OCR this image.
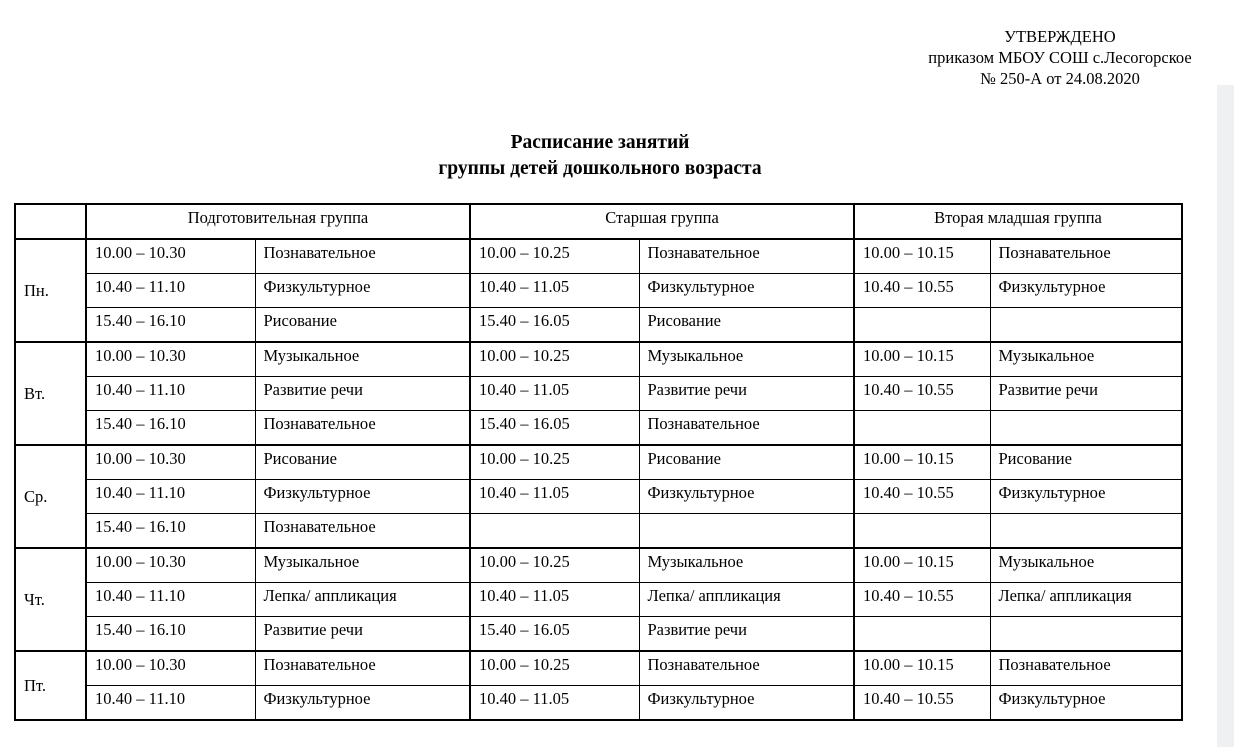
УТВЕРЖДЕНО
приказом МБОУ СОШ с.Лесогорское
№ 250-А от 24.08.2020
Расписание занятий
группы детей дошкольного возраста
	Подготовительная группа		Старшая группа		Вторая младшая группа	
Пн.	10.00 – 10.30	Познавательное	10.00 – 10.25	Познавательное	10.00 – 10.15	Познавательное
	10.40 – 11.10	Физкультурное	10.40 – 11.05	Физкультурное	10.40 – 10.55	Физкультурное
	15.40 – 16.10	Рисование	15.40 – 16.05	Рисование		
Вт.	10.00 – 10.30	Музыкальное	10.00 – 10.25	Музыкальное	10.00 – 10.15	Музыкальное
	10.40 – 11.10	Развитие речи	10.40 – 11.05	Развитие речи	10.40 – 10.55	Развитие речи
	15.40 – 16.10	Познавательное	15.40 – 16.05	Познавательное		
Ср.	10.00 – 10.30	Рисование	10.00 – 10.25	Рисование	10.00 – 10.15	Рисование
	10.40 – 11.10	Физкультурное	10.40 – 11.05	Физкультурное	10.40 – 10.55	Физкультурное
	15.40 – 16.10	Познавательное				
Чт.	10.00 – 10.30	Музыкальное	10.00 – 10.25	Музыкальное	10.00 – 10.15	Музыкальное
	10.40 – 11.10	Лепка/ аппликация	10.40 – 11.05	Лепка/ аппликация	10.40 – 10.55	Лепка/ аппликация
	15.40 – 16.10	Развитие речи	15.40 – 16.05	Развитие речи		
Пт.	10.00 – 10.30	Познавательное	10.00 – 10.25	Познавательное	10.00 – 10.15	Познавательное
	10.40 – 11.10	Физкультурное	10.40 – 11.05	Физкультурное	10.40 – 10.55	Физкультурное
